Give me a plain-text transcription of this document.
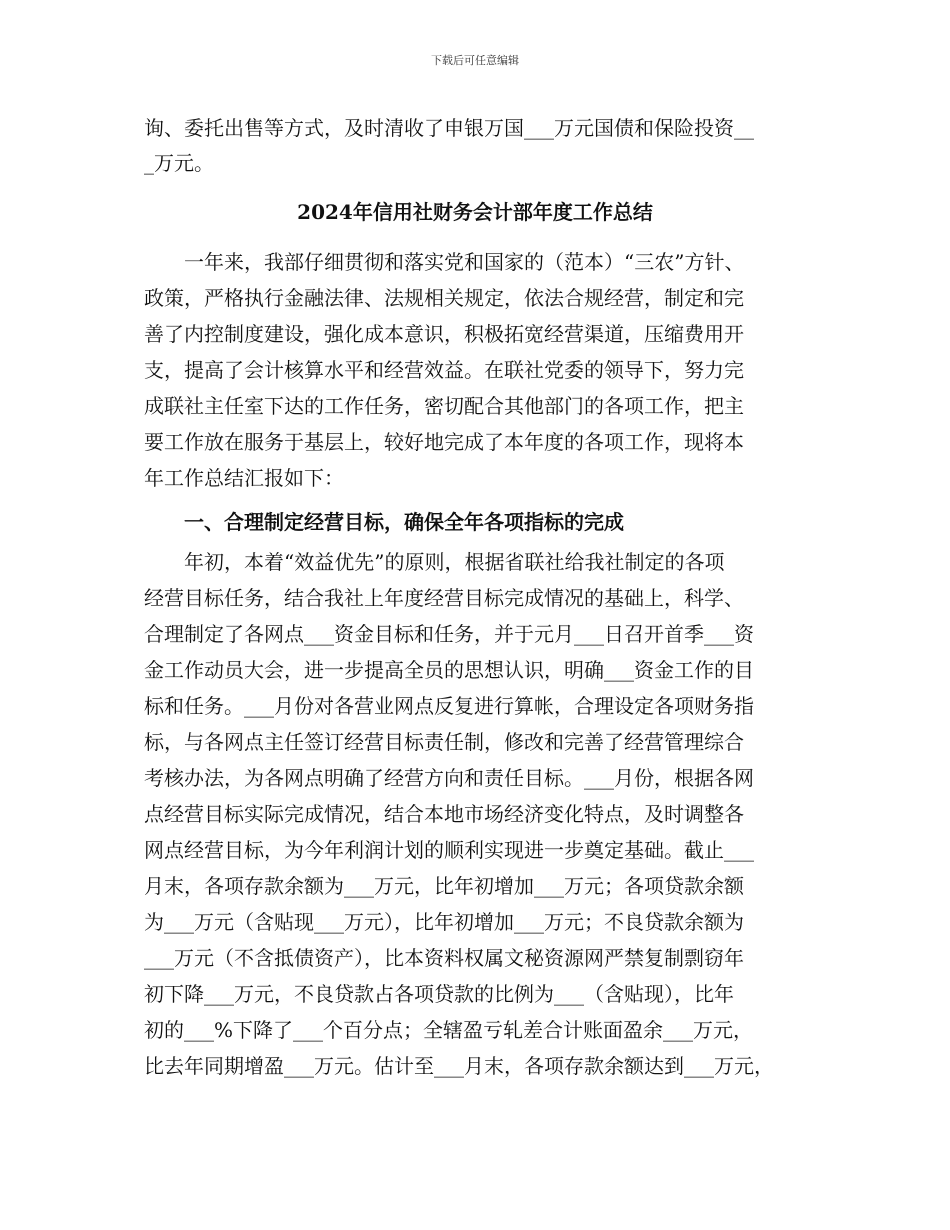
下载后可任意编辑
询、委托出售等方式，及时清收了申银万国___万元国债和保险投资__
_万元。
2024年信用社财务会计部年度工作总结
　　一年来，我部仔细贯彻和落实党和国家的（范本）“三农”方针、
政策，严格执行金融法律、法规相关规定，依法合规经营，制定和完
善了内控制度建设，强化成本意识，积极拓宽经营渠道，压缩费用开
支，提高了会计核算水平和经营效益。在联社党委的领导下，努力完
成联社主任室下达的工作任务，密切配合其他部门的各项工作，把主
要工作放在服务于基层上，较好地完成了本年度的各项工作，现将本
年工作总结汇报如下：
　　一、合理制定经营目标，确保全年各项指标的完成
　　年初，本着“效益优先”的原则，根据省联社给我社制定的各项
经营目标任务，结合我社上年度经营目标完成情况的基础上，科学、
合理制定了各网点___资金目标和任务，并于元月___日召开首季___资
金工作动员大会，进一步提高全员的思想认识，明确___资金工作的目
标和任务。___月份对各营业网点反复进行算帐，合理设定各项财务指
标，与各网点主任签订经营目标责任制，修改和完善了经营管理综合
考核办法，为各网点明确了经营方向和责任目标。___月份，根据各网
点经营目标实际完成情况，结合本地市场经济变化特点，及时调整各
网点经营目标，为今年利润计划的顺利实现进一步奠定基础。截止___
月末，各项存款余额为___万元，比年初增加___万元；各项贷款余额
为___万元（含贴现___万元），比年初增加___万元；不良贷款余额为
___万元（不含抵债资产），比本资料权属文秘资源网严禁复制剽窃年
初下降___万元，不良贷款占各项贷款的比例为___（含贴现），比年
初的___%下降了___个百分点；全辖盈亏轧差合计账面盈余___万元，
比去年同期增盈___万元。估计至___月末，各项存款余额达到___万元，
